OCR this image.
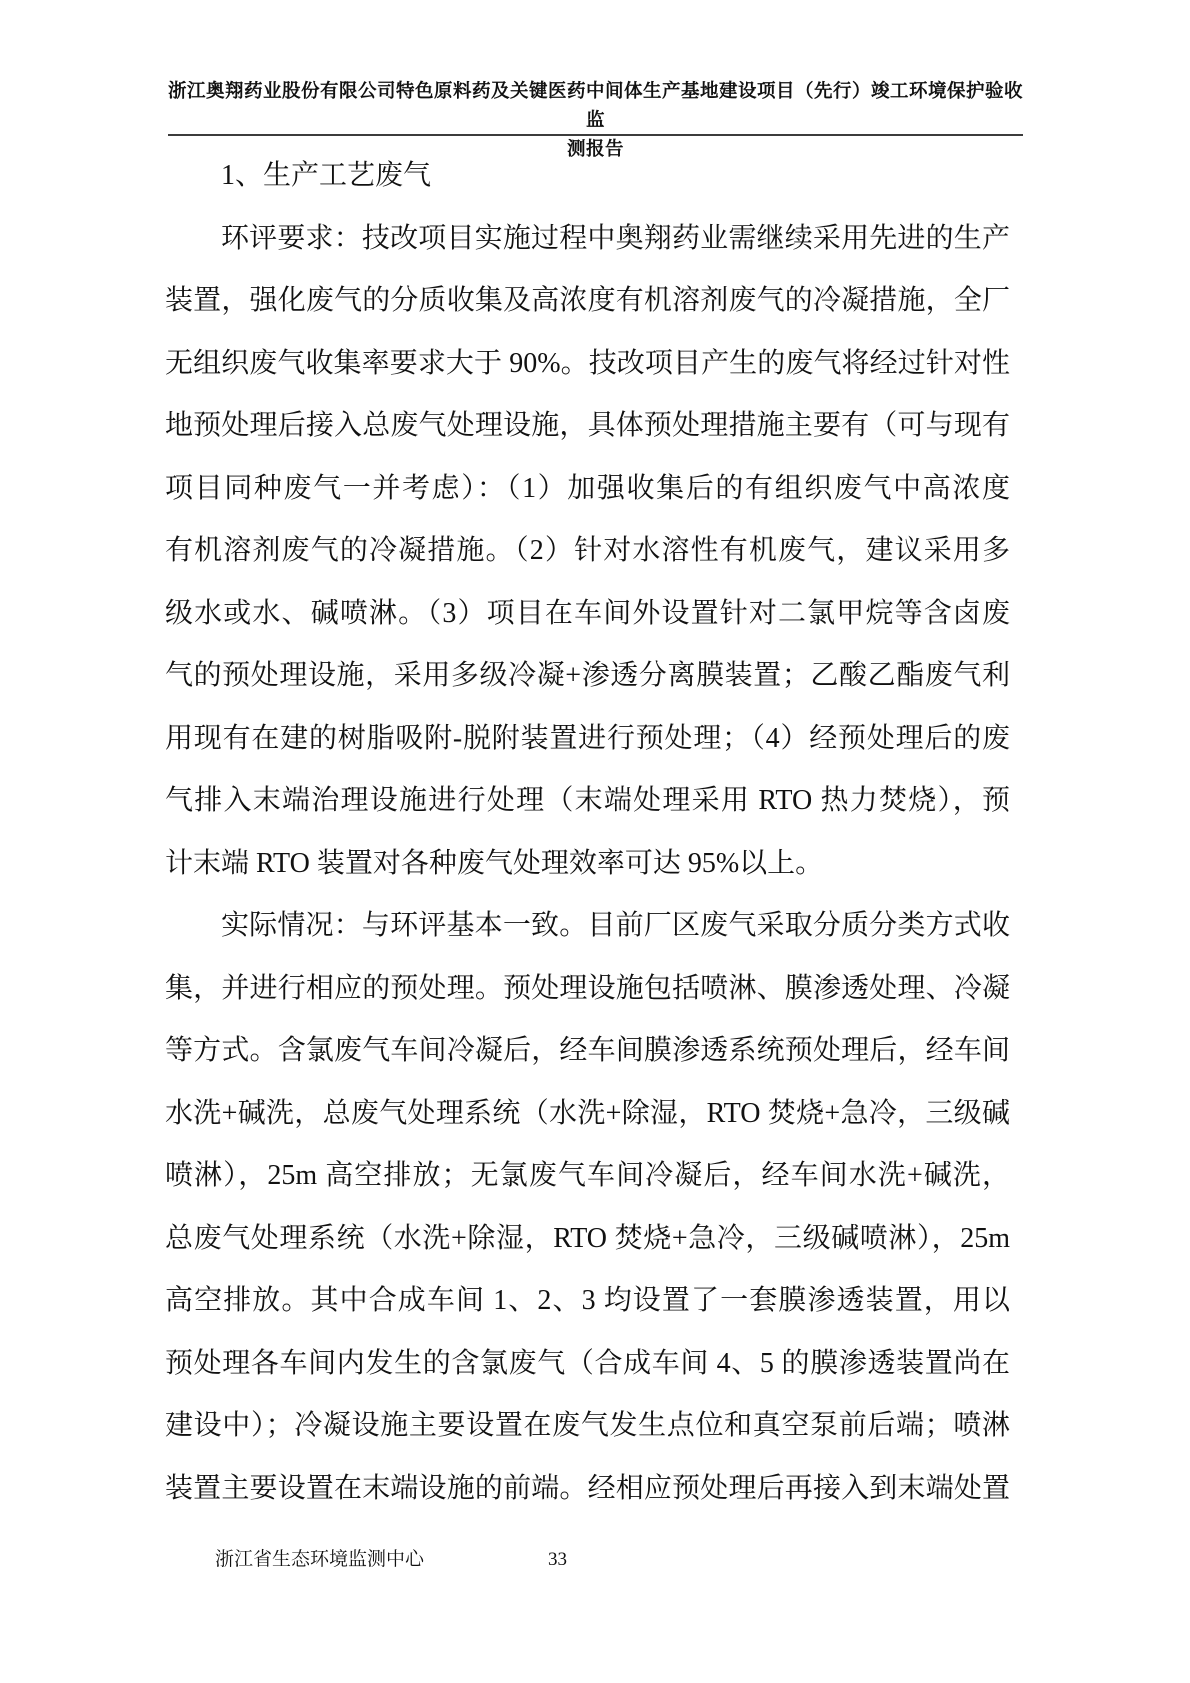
浙江奥翔药业股份有限公司特色原料药及关键医药中间体生产基地建设项目（先行）竣工环境保护验收监
测报告
1、生产工艺废气
环评要求：技改项目实施过程中奥翔药业需继续采用先进的生产
装置，强化废气的分质收集及高浓度有机溶剂废气的冷凝措施，全厂
无组织废气收集率要求大于 90%。技改项目产生的废气将经过针对性
地预处理后接入总废气处理设施，具体预处理措施主要有（可与现有
项目同种废气一并考虑）：（1）加强收集后的有组织废气中高浓度
有机溶剂废气的冷凝措施。（2）针对水溶性有机废气，建议采用多
级水或水、碱喷淋。（3）项目在车间外设置针对二氯甲烷等含卤废
气的预处理设施，采用多级冷凝+渗透分离膜装置；乙酸乙酯废气利
用现有在建的树脂吸附-脱附装置进行预处理；（4）经预处理后的废
气排入末端治理设施进行处理（末端处理采用 RTO 热力焚烧），预
计末端 RTO 装置对各种废气处理效率可达 95%以上。
实际情况：与环评基本一致。目前厂区废气采取分质分类方式收
集，并进行相应的预处理。预处理设施包括喷淋、膜渗透处理、冷凝
等方式。含氯废气车间冷凝后，经车间膜渗透系统预处理后，经车间
水洗+碱洗，总废气处理系统（水洗+除湿，RTO 焚烧+急冷，三级碱
喷淋），25m 高空排放；无氯废气车间冷凝后，经车间水洗+碱洗，
总废气处理系统（水洗+除湿，RTO 焚烧+急冷，三级碱喷淋），25m
高空排放。其中合成车间 1、2、3 均设置了一套膜渗透装置，用以
预处理各车间内发生的含氯废气（合成车间 4、5 的膜渗透装置尚在
建设中）；冷凝设施主要设置在废气发生点位和真空泵前后端；喷淋
装置主要设置在末端设施的前端。经相应预处理后再接入到末端处置
浙江省生态环境监测中心	33
